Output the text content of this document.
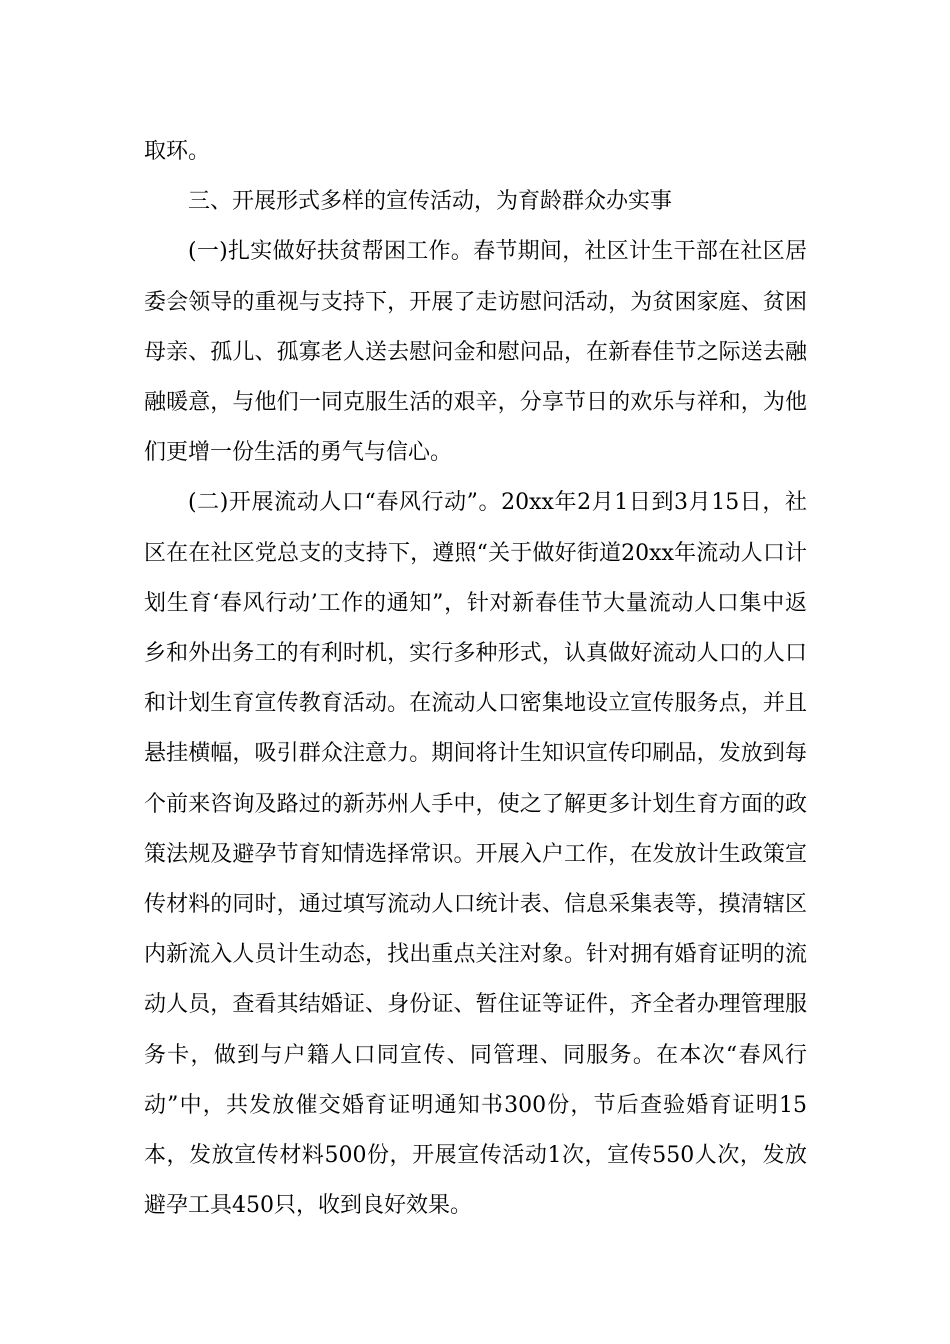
取环。

三、开展形式多样的宣传活动，为育龄群众办实事

(一)扎实做好扶贫帮困工作。春节期间，社区计生干部在社区居委会领导的重视与支持下，开展了走访慰问活动，为贫困家庭、贫困母亲、孤儿、孤寡老人送去慰问金和慰问品，在新春佳节之际送去融融暖意，与他们一同克服生活的艰辛，分享节日的欢乐与祥和，为他们更增一份生活的勇气与信心。

(二)开展流动人口“春风行动”。20xx年2月1日到3月15日，社区在在社区党总支的支持下，遵照“关于做好街道20xx年流动人口计划生育‘春风行动’工作的通知”，针对新春佳节大量流动人口集中返乡和外出务工的有利时机，实行多种形式，认真做好流动人口的人口和计划生育宣传教育活动。在流动人口密集地设立宣传服务点，并且悬挂横幅，吸引群众注意力。期间将计生知识宣传印刷品，发放到每个前来咨询及路过的新苏州人手中，使之了解更多计划生育方面的政策法规及避孕节育知情选择常识。开展入户工作，在发放计生政策宣传材料的同时，通过填写流动人口统计表、信息采集表等，摸清辖区内新流入人员计生动态，找出重点关注对象。针对拥有婚育证明的流动人员，查看其结婚证、身份证、暂住证等证件，齐全者办理管理服务卡，做到与户籍人口同宣传、同管理、同服务。在本次“春风行动”中，共发放催交婚育证明通知书300份，节后查验婚育证明15本，发放宣传材料500份，开展宣传活动1次，宣传550人次，发放避孕工具450只，收到良好效果。
